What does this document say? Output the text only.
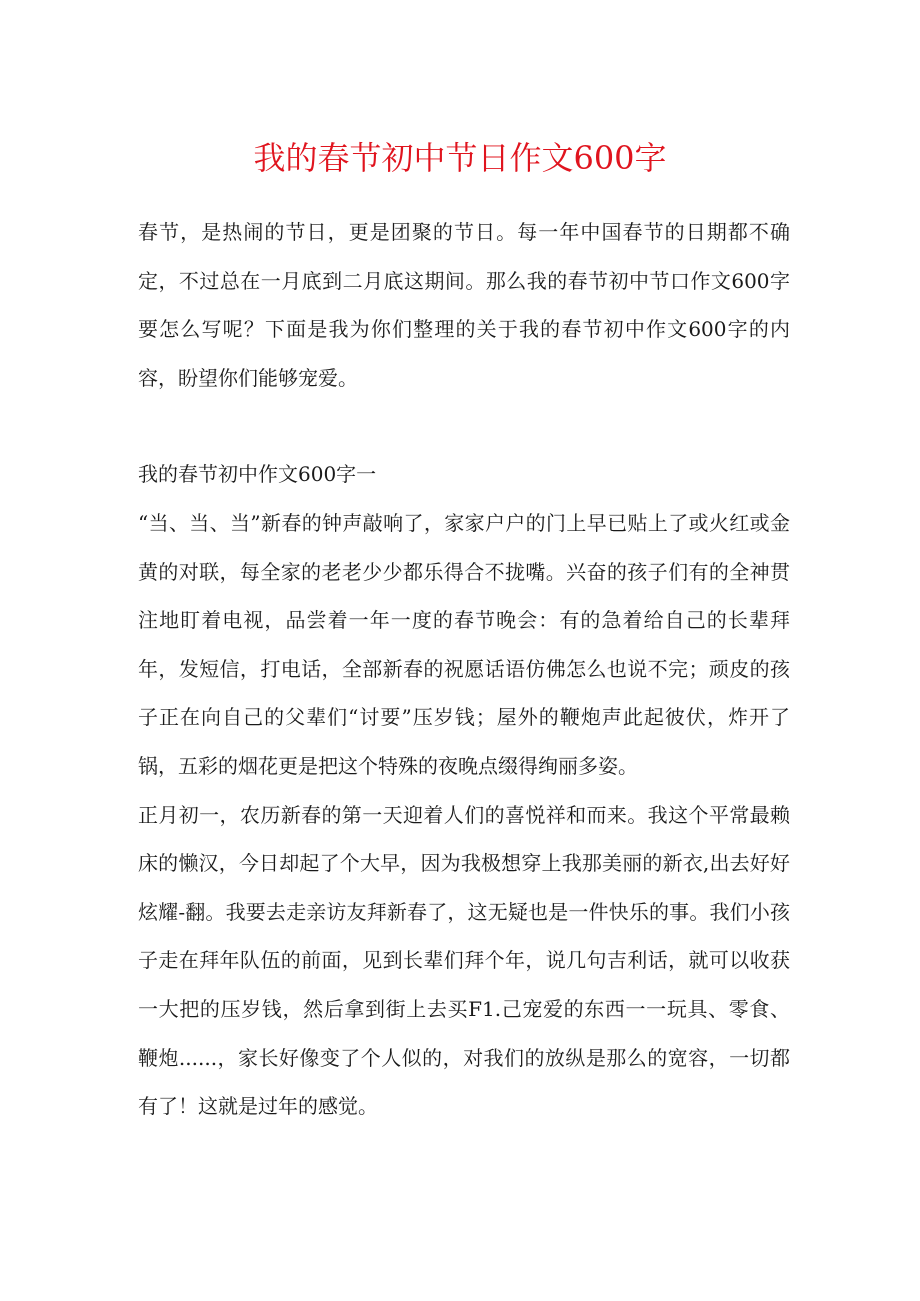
我的春节初中节日作文600字

春节，是热闹的节日，更是团聚的节日。每一年中国春节的日期都不确定，不过总在一月底到二月底这期间。那么我的春节初中节口作文600字要怎么写呢？下面是我为你们整理的关于我的春节初中作文600字的内容，盼望你们能够宠爱。

我的春节初中作文600字一

“当、当、当”新春的钟声敲响了，家家户户的门上早已贴上了或火红或金黄的对联，每全家的老老少少都乐得合不拢嘴。兴奋的孩子们有的全神贯注地盯着电视，品尝着一年一度的春节晚会：有的急着给自己的长辈拜年，发短信，打电话，全部新春的祝愿话语仿佛怎么也说不完；顽皮的孩子正在向自己的父辈们“讨要”压岁钱；屋外的鞭炮声此起彼伏，炸开了锅，五彩的烟花更是把这个特殊的夜晚点缀得绚丽多姿。

正月初一，农历新春的第一天迎着人们的喜悦祥和而来。我这个平常最赖床的懒汉，今日却起了个大早，因为我极想穿上我那美丽的新衣,出去好好炫耀-翻。我要去走亲访友拜新春了，这无疑也是一件快乐的事。我们小孩子走在拜年队伍的前面，见到长辈们拜个年，说几句吉利话，就可以收获一大把的压岁钱，然后拿到街上去买F1.己宠爱的东西一一玩具、零食、鞭炮......，家长好像变了个人似的，对我们的放纵是那么的宽容，一切都有了！这就是过年的感觉。
